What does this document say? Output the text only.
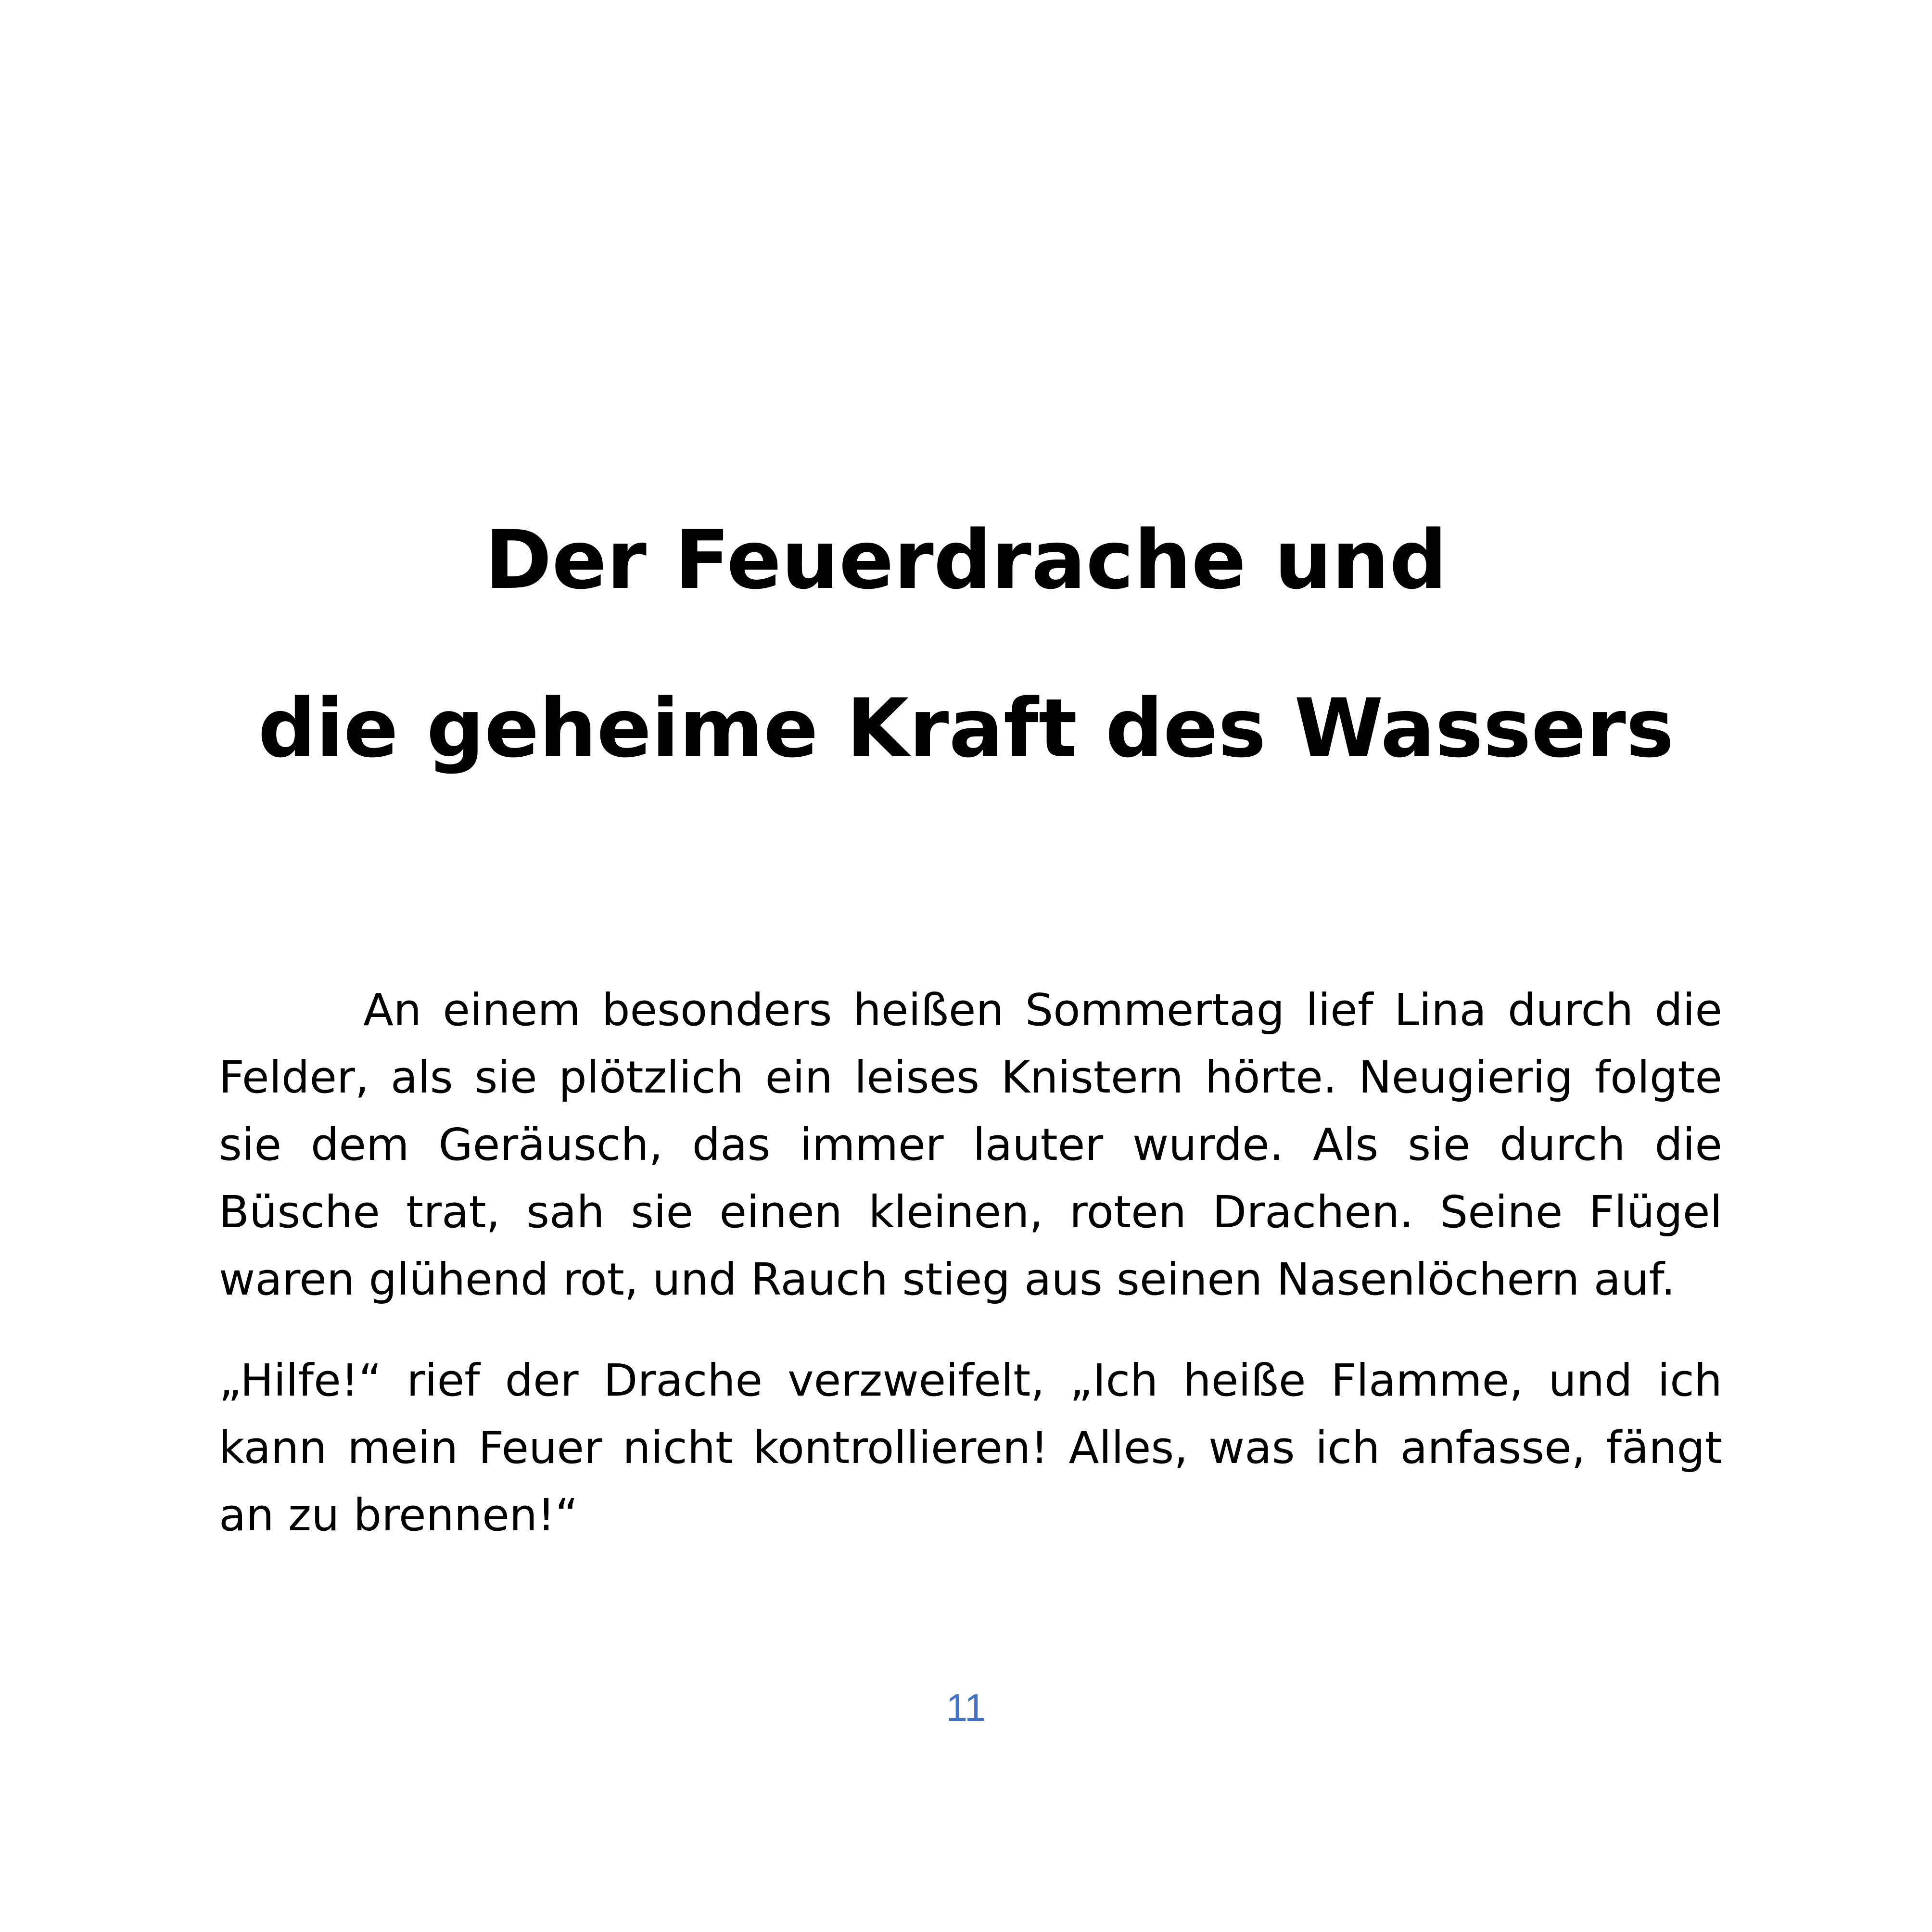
Der Feuerdrache und
die geheime Kraft des Wassers

An einem besonders heißen Sommertag lief Lina durch die Felder, als sie plötzlich ein leises Knistern hörte. Neugierig folgte sie dem Geräusch, das immer lauter wurde. Als sie durch die Büsche trat, sah sie einen kleinen, roten Drachen. Seine Flügel waren glühend rot, und Rauch stieg aus seinen Nasenlöchern auf.

„Hilfe!“ rief der Drache verzweifelt, „Ich heiße Flamme, und ich kann mein Feuer nicht kontrollieren! Alles, was ich anfasse, fängt an zu brennen!“

11
